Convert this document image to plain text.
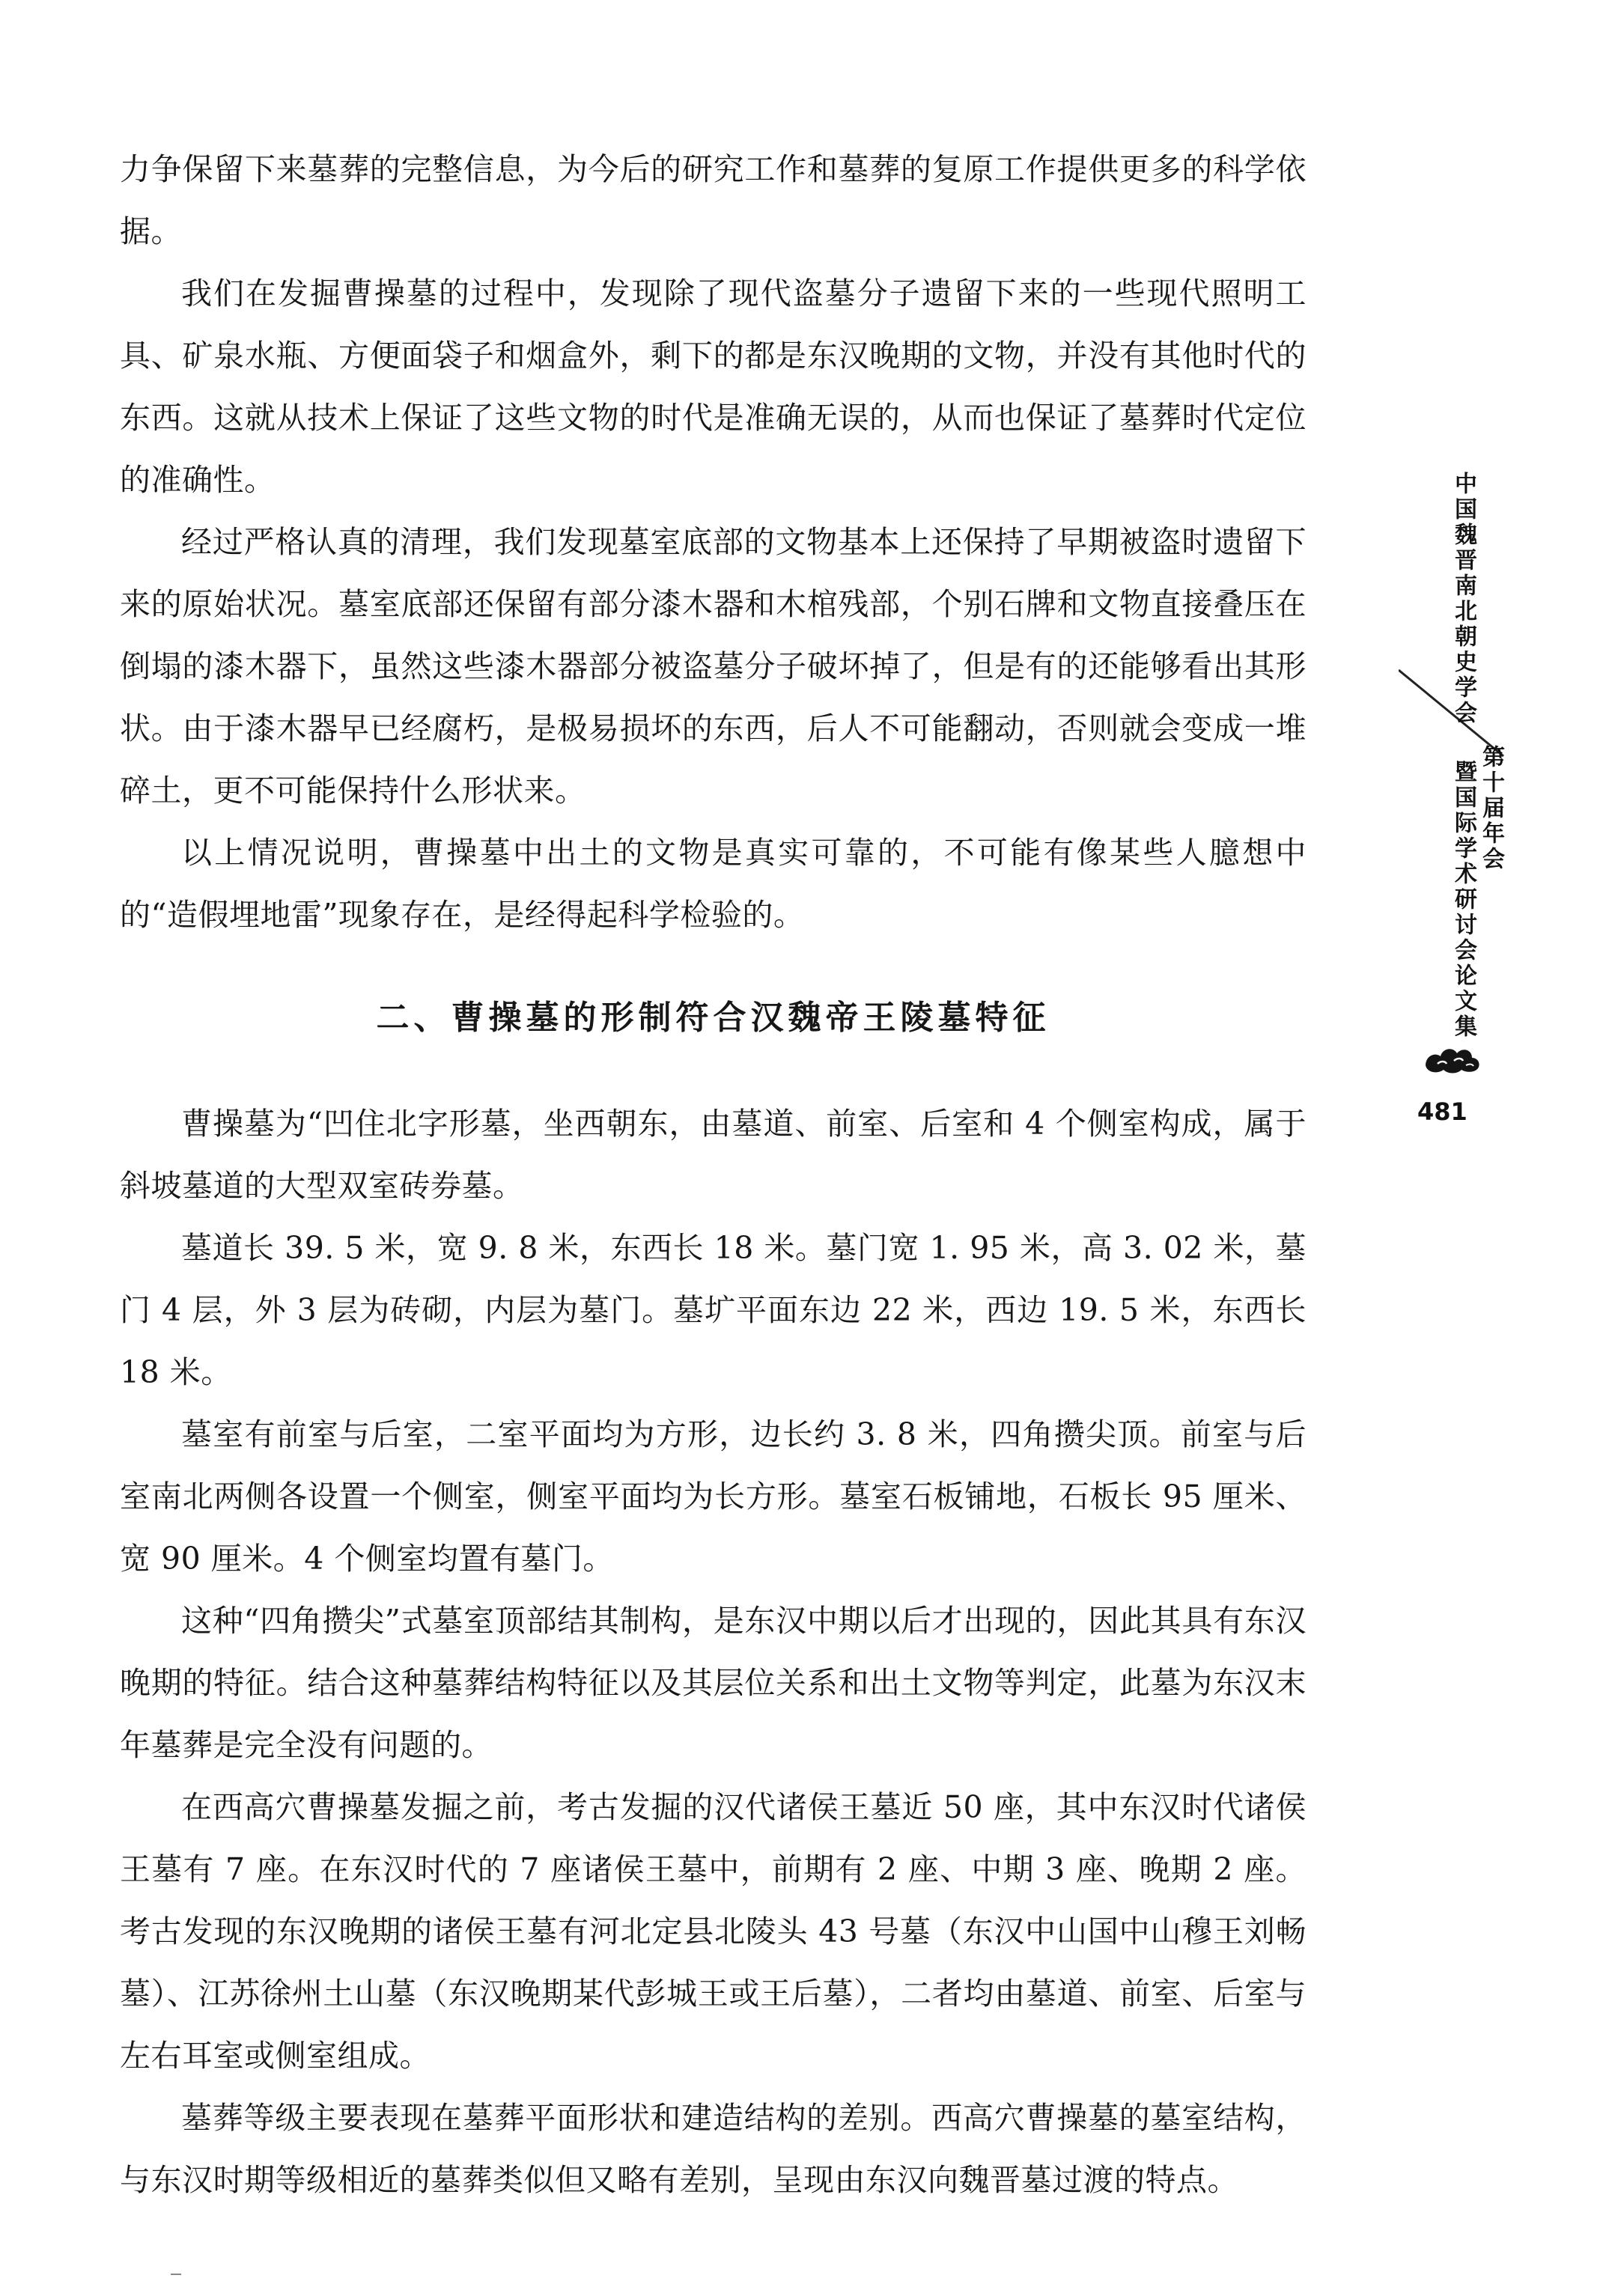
力争保留下来墓葬的完整信息，为今后的研究工作和墓葬的复原工作提供更多的科学依据。

我们在发掘曹操墓的过程中，发现除了现代盗墓分子遗留下来的一些现代照明工具、矿泉水瓶、方便面袋子和烟盒外，剩下的都是东汉晚期的文物，并没有其他时代的东西。这就从技术上保证了这些文物的时代是准确无误的，从而也保证了墓葬时代定位的准确性。

经过严格认真的清理，我们发现墓室底部的文物基本上还保持了早期被盗时遗留下来的原始状况。墓室底部还保留有部分漆木器和木棺残部，个别石牌和文物直接叠压在倒塌的漆木器下，虽然这些漆木器部分被盗墓分子破坏掉了，但是有的还能够看出其形状。由于漆木器早已经腐朽，是极易损坏的东西，后人不可能翻动，否则就会变成一堆碎土，更不可能保持什么形状来。

以上情况说明，曹操墓中出土的文物是真实可靠的，不可能有像某些人臆想中的“造假埋地雷”现象存在，是经得起科学检验的。

二、曹操墓的形制符合汉魏帝王陵墓特征

曹操墓为“凹住北字形墓，坐西朝东，由墓道、前室、后室和 4 个侧室构成，属于斜坡墓道的大型双室砖券墓。

墓道长 39. 5 米，宽 9. 8 米，东西长 18 米。墓门宽 1. 95 米，高 3. 02 米，墓门 4 层，外 3 层为砖砌，内层为墓门。墓圹平面东边 22 米，西边 19. 5 米，东西长 18 米。

墓室有前室与后室，二室平面均为方形，边长约 3. 8 米，四角攒尖顶。前室与后室南北两侧各设置一个侧室，侧室平面均为长方形。墓室石板铺地，石板长 95 厘米、宽 90 厘米。4 个侧室均置有墓门。

这种“四角攒尖”式墓室顶部结其制构，是东汉中期以后才出现的，因此其具有东汉晚期的特征。结合这种墓葬结构特征以及其层位关系和出土文物等判定，此墓为东汉末年墓葬是完全没有问题的。

在西高穴曹操墓发掘之前，考古发掘的汉代诸侯王墓近 50 座，其中东汉时代诸侯王墓有 7 座。在东汉时代的 7 座诸侯王墓中，前期有 2 座、中期 3 座、晚期 2 座。考古发现的东汉晚期的诸侯王墓有河北定县北陵头 43 号墓（东汉中山国中山穆王刘畅墓）、江苏徐州土山墓（东汉晚期某代彭城王或王后墓），二者均由墓道、前室、后室与左右耳室或侧室组成。

墓葬等级主要表现在墓葬平面形状和建造结构的差别。西高穴曹操墓的墓室结构，与东汉时期等级相近的墓葬类似但又略有差别，呈现由东汉向魏晋墓过渡的特点。

中国魏晋南北朝史学会
第十届年会
暨国际学术研讨会论文集
481
